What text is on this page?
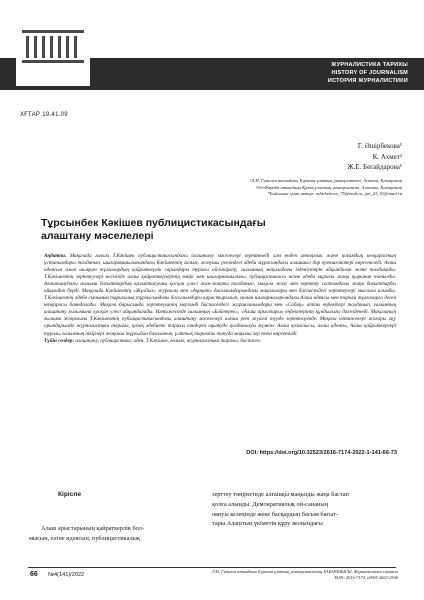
ЖУРНАЛИСТИКА ТАРИХЫ
HISTORY OF JOURNALISM
ИСТОРИЯ ЖУРНАЛИСТИКИ
ХҒТАР 19.41.09
Г. Әшірбекова¹
К. Ахмет²
Ж.Е. Бегайдарова¹
¹Л.Н. Гумилев атындағы Еуразия ұлттық университеті, Астана, Қазақстан
²Әл-Фараби атындағы Қазақ ұлттық университеті, Алматы, Қазақстан
*Байланыс үшін автор: ashirbekova_75@mail.ru, jan_23_03@mail.ru
Тұрсынбек Кәкішев публицистикасындағы алаштану мәселелері
Аңдатпа. Мақалада ғалым Т.Кәкішев публицистикасындағы алаштану мәселелері зерттеледі хәм өндеп авторлық және қоғамдық көзқарастың ұстанымдары талданып, шығармашылығындағы Кәкішевтің ғалым, жазушы ретіндегі әдеби мұрасындағы алашшыл дар ерекшеліктері көрсетіледі. Алаш идеясын алып шыққан тұлғалардың қайраткерлік сарындары туралы ой-пікірлер, ғалымның мақаладағы ізденістерін айқындаған және талданады. Т.Кәкішевтің зерттеулері негізінде алаш қайраткерлерінің өмірі мен шығармашылығы, публицистикасы және әдеби мұрасы жаңа қырынан танылды. Алаштанудағы ғылыми бағыттардың қалыптасуына қосқан үлесі жан-жақты талданып, мақала жазу мен зерттеу салтындағы жаңа бағыттарды айқындап берді. Мақалада Кәкішевтің «Жұлдыз» журналы мен «Ақиқат» басылымдарындағы мақалалары мен баспасөздегі зерттеулері мысалға алынды. Т.Кәкішевтің әдеби сынының тарихилық тұрғысындағы басылымдары қарастырылып, ғалым шығармаларындағы Алаш идеясы мен тарихи тұлғаларға деген көзқарасы баяндалады. Мақала барысында зерттеушінің мерзімді баспасөздегі жарияланымдары мен «Сабақ» атты еңбектері талданып, ғалымның алаштану ғылымына қосқан үлесі айқындалады. Нәтижесінде ғалымның «Бәйтерек», «Алаш арыстары» еңбектерінің құндылығы дәлелденеді. Мақаланың ғылыми жаңалығы Т.Кәкішевтің публицистикасындағы алаштану мәселелері алғаш рет жүйелі түрде зерттелуінде. Мақала нәтижелері жоғары оқу орындарында журналистика тарихы, қазақ әдебиеті тарихы пәндерін оқытуда қолданылуы мүмкін. Алаш қозғалысы, алаш идеясы, Алаш қайраткерлері туралы ғалымның пікірлері жаңаша тұрғыдан бағаланып, ұлттық тарихты тануда маңызы зор екені көрсетілді.
Түйін сөздер: алаштану, публицистика, идея, Т.Кәкішев, ғалым, журналистика тарихы, баспасөз.
DOI: https://doi.org/10.32523/2616-7174-2022-1-141-66-73
Кіріспе
Алаш арыстарының қайраткерлік бол-
мысын, еліне идеясын, публицистикалық
зерттеу төңірегінде алғашқы маңызды жаңа бастап
қолға алынды. Демократиялық ой-сананың
оянуы кезеңінде жеке басқардың басым бағыт-
тары Алаштың үкіметін құру жолындағы
66 №4(141)/2022
Л.Н. Гумилев атындағы Еуразия ұлттық университетінің ХАБАРШЫСЫ. Журналистика сериясы
ISSN: 2616-7174, eISSN 2663-2500
